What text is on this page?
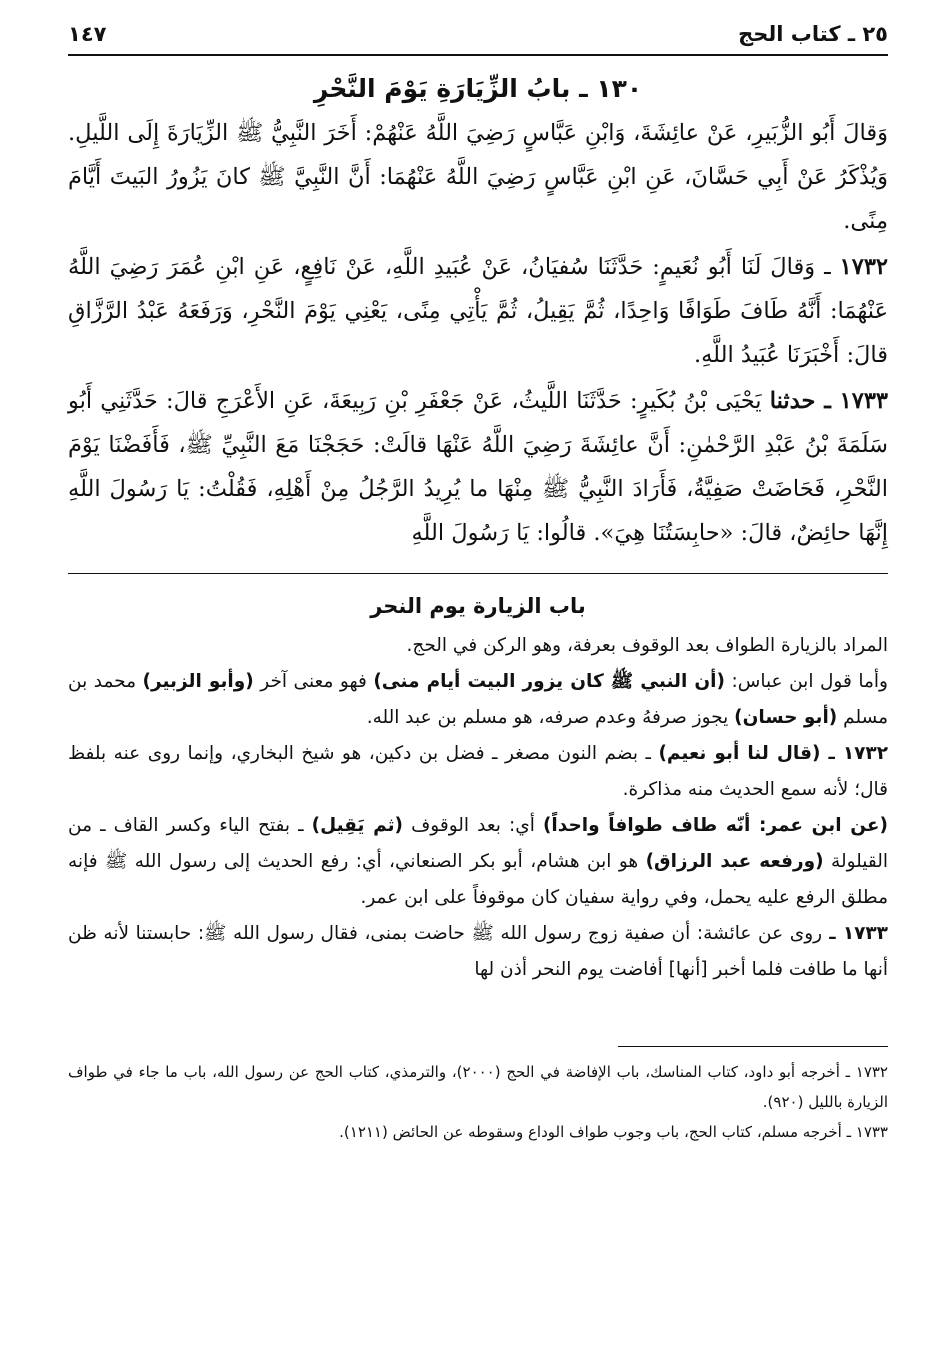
٢٥ ـ كتاب الحج
١٤٧
١٣٠ ـ بابُ الزِّيَارَةِ يَوْمَ النَّحْرِ

وَقالَ أَبُو الزُّبَيرِ، عَنْ عائِشَةَ، وَابْنِ عَبَّاسٍ رَضِيَ اللَّهُ عَنْهُمْ: أَخَرَ النَّبِيُّ ﷺ الزِّيَارَةَ إِلَى اللَّيلِ. وَيُذْكَرُ عَنْ أَبِي حَسَّانَ، عَنِ ابْنِ عَبَّاسٍ رَضِيَ اللَّهُ عَنْهُمَا: أَنَّ النَّبِيَّ ﷺ كانَ يَزُورُ البَيتَ أَيَّامَ مِنًى.

١٧٣٢ ـ وَقالَ لَنَا أَبُو نُعَيمٍ: حَدَّثَنَا سُفيَانُ، عَنْ عُبَيدِ اللَّهِ، عَنْ نَافِعٍ، عَنِ ابْنِ عُمَرَ رَضِيَ اللَّهُ عَنْهُمَا: أَنَّهُ طَافَ طَوَافًا وَاحِدًا، ثُمَّ يَقِيلُ، ثُمَّ يَأْتِي مِنًى، يَعْنِي يَوْمَ النَّحْرِ، وَرَفَعَهُ عَبْدُ الرَّزَّاقِ قالَ: أَخْبَرَنَا عُبَيدُ اللَّهِ.

١٧٣٣ ـ حدثنا يَحْيَى بْنُ بُكَيرٍ: حَدَّثَنَا اللَّيثُ، عَنْ جَعْفَرِ بْنِ رَبِيعَةَ، عَنِ الأَعْرَجِ قالَ: حَدَّثَنِي أَبُو سَلَمَةَ بْنُ عَبْدِ الرَّحْمٰنِ: أَنَّ عائِشَةَ رَضِيَ اللَّهُ عَنْهَا قالَتْ: حَجَجْنَا مَعَ النَّبِيِّ ﷺ، فَأَفَضْنَا يَوْمَ النَّحْرِ، فَحَاضَتْ صَفِيَّةُ، فَأَرَادَ النَّبِيُّ ﷺ مِنْهَا ما يُرِيدُ الرَّجُلُ مِنْ أَهْلِهِ، فَقُلْتُ: يَا رَسُولَ اللَّهِ إِنَّهَا حائِضٌ، قالَ: «حابِسَتُنَا هِيَ». قالُوا: يَا رَسُولَ اللَّهِ

باب الزيارة يوم النحر

المراد بالزيارة الطواف بعد الوقوف بعرفة، وهو الركن في الحج.

وأما قول ابن عباس: (أن النبي ﷺ كان يزور البيت أيام منى) فهو معنى آخر (وأبو الزبير) محمد بن مسلم (أبو حسان) يجوز صرفهُ وعدم صرفه، هو مسلم بن عبد الله.

١٧٣٢ ـ (قال لنا أبو نعيم) ـ بضم النون مصغر ـ فضل بن دكين، هو شيخ البخاري، وإنما روى عنه بلفظ قال؛ لأنه سمع الحديث منه مذاكرة.

(عن ابن عمر: أنّه طاف طوافاً واحداً) أي: بعد الوقوف (ثم يَقِيل) ـ بفتح الياء وكسر القاف ـ من القيلولة (ورفعه عبد الرزاق) هو ابن هشام، أبو بكر الصنعاني، أي: رفع الحديث إلى رسول الله ﷺ فإنه مطلق الرفع عليه يحمل، وفي رواية سفيان كان موقوفاً على ابن عمر.

١٧٣٣ ـ روى عن عائشة: أن صفية زوج رسول الله ﷺ حاضت بمنى، فقال رسول الله ﷺ: حابستنا لأنه ظن أنها ما طافت فلما أخبر [أنها] أفاضت يوم النحر أذن لها

١٧٣٢ ـ أخرجه أبو داود، كتاب المناسك، باب الإفاضة في الحج (٢٠٠٠)، والترمذي، كتاب الحج عن رسول الله، باب ما جاء في طواف الزيارة بالليل (٩٢٠).

١٧٣٣ ـ أخرجه مسلم، كتاب الحج، باب وجوب طواف الوداع وسقوطه عن الحائض (١٢١١).
